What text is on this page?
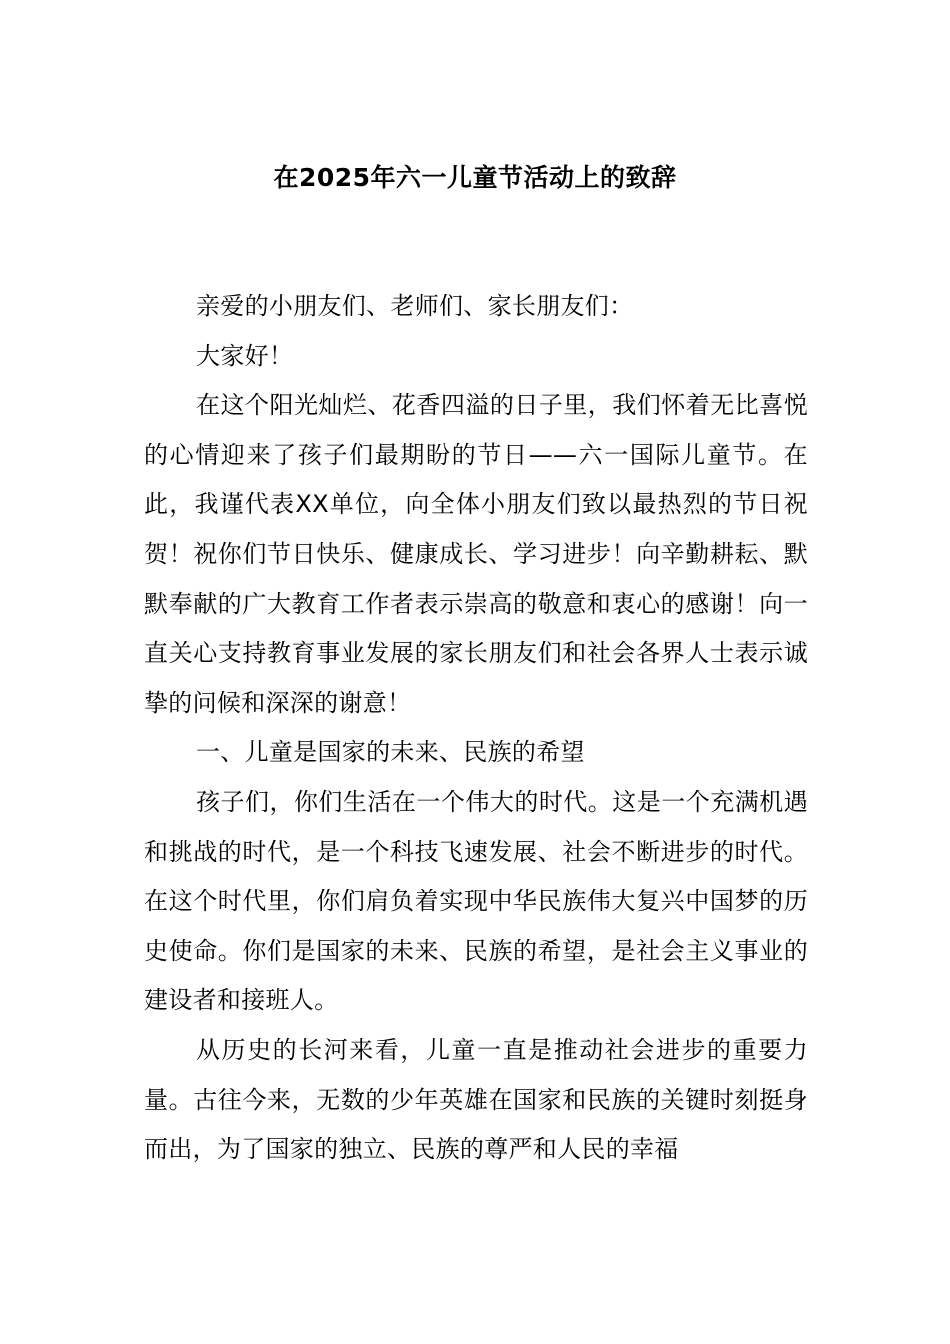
在2025年六一儿童节活动上的致辞

亲爱的小朋友们、老师们、家长朋友们：

大家好！

在这个阳光灿烂、花香四溢的日子里，我们怀着无比喜悦的心情迎来了孩子们最期盼的节日——六一国际儿童节。在此，我谨代表XX单位，向全体小朋友们致以最热烈的节日祝贺！祝你们节日快乐、健康成长、学习进步！向辛勤耕耘、默默奉献的广大教育工作者表示崇高的敬意和衷心的感谢！向一直关心支持教育事业发展的家长朋友们和社会各界人士表示诚挚的问候和深深的谢意！

一、儿童是国家的未来、民族的希望

孩子们，你们生活在一个伟大的时代。这是一个充满机遇和挑战的时代，是一个科技飞速发展、社会不断进步的时代。在这个时代里，你们肩负着实现中华民族伟大复兴中国梦的历史使命。你们是国家的未来、民族的希望，是社会主义事业的建设者和接班人。

从历史的长河来看，儿童一直是推动社会进步的重要力量。古往今来，无数的少年英雄在国家和民族的关键时刻挺身而出，为了国家的独立、民族的尊严和人民的幸福
